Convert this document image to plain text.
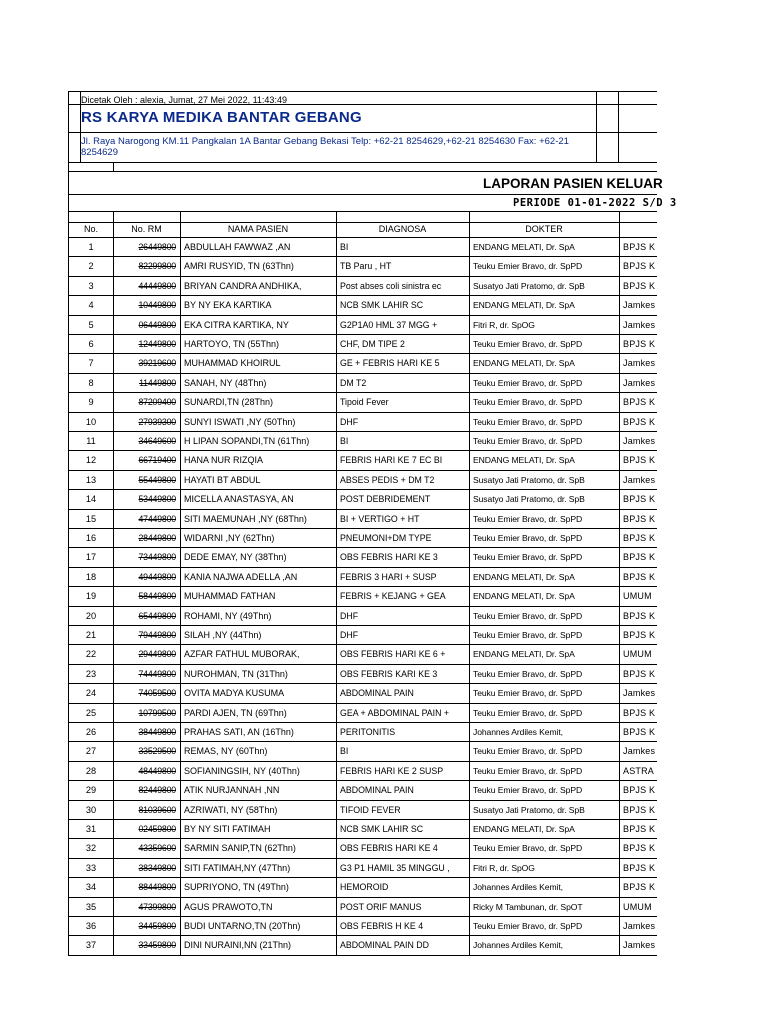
Dicetak Oleh : alexia, Jumat, 27 Mei 2022, 11:43:49
RS KARYA MEDIKA BANTAR GEBANG
Jl. Raya Narogong KM.11 Pangkalan 1A Bantar Gebang Bekasi Telp: +62-21 8254629,+62-21 8254630 Fax: +62-21 8254629
LAPORAN PASIEN KELUAR
PERIODE 01-01-2022 S/D 3
No.	No. RM	NAMA PASIEN	DIAGNOSA	DOKTER
1	26449800 ABDULLAH FAWWAZ ,AN	BI	ENDANG MELATI, Dr. SpA	BPJS K
2	82299800 AMRI RUSYID, TN (63Thn)	TB Paru , HT	Teuku Emier Bravo, dr. SpPD	BPJS K
3	44449800 BRIYAN CANDRA ANDHIKA,	Post abses coli sinistra ec	Susatyo Jati Pratomo, dr. SpB	BPJS K
4	10449800 BY NY EKA KARTIKA	NCB SMK LAHIR SC	ENDANG MELATI, Dr. SpA	Jamkes
5	06449800 EKA CITRA KARTIKA, NY	G2P1A0 HML 37 MGG +	Fitri R, dr. SpOG	Jamkes
6	12449800 HARTOYO, TN (55Thn)	CHF, DM TIPE 2	Teuku Emier Bravo, dr. SpPD	BPJS K
7	39219600 MUHAMMAD KHOIRUL	GE + FEBRIS HARI KE 5	ENDANG MELATI, Dr. SpA	Jamkes
8	11449800 SANAH, NY (48Thn)	DM T2	Teuku Emier Bravo, dr. SpPD	Jamkes
9	87209400 SUNARDI,TN (28Thn)	Tipoid Fever	Teuku Emier Bravo, dr. SpPD	BPJS K
10	27939300 SUNYI ISWATI ,NY (50Thn)	DHF	Teuku Emier Bravo, dr. SpPD	BPJS K
11	34649600 H LIPAN SOPANDI,TN (61Thn)	BI	Teuku Emier Bravo, dr. SpPD	Jamkes
12	66719400 HANA NUR RIZQIA	FEBRIS HARI KE 7 EC BI	ENDANG MELATI, Dr. SpA	BPJS K
13	55449800 HAYATI BT ABDUL	ABSES PEDIS + DM T2	Susatyo Jati Pratomo, dr. SpB	Jamkes
14	53449800 MICELLA ANASTASYA, AN	POST DEBRIDEMENT	Susatyo Jati Pratomo, dr. SpB	BPJS K
15	47449800 SITI MAEMUNAH ,NY (68Thn)	BI + VERTIGO + HT	Teuku Emier Bravo, dr. SpPD	BPJS K
16	28449800 WIDARNI ,NY (62Thn)	PNEUMONI+DM TYPE	Teuku Emier Bravo, dr. SpPD	BPJS K
17	73449800 DEDE EMAY, NY (38Thn)	OBS FEBRIS HARI KE 3	Teuku Emier Bravo, dr. SpPD	BPJS K
18	49449800 KANIA NAJWA ADELLA ,AN	FEBRIS 3 HARI + SUSP	ENDANG MELATI, Dr. SpA	BPJS K
19	58449800 MUHAMMAD FATHAN	FEBRIS + KEJANG + GEA	ENDANG MELATI, Dr. SpA	UMUM
20	65449800 ROHAMI, NY (49Thn)	DHF	Teuku Emier Bravo, dr. SpPD	BPJS K
21	79449800 SILAH ,NY (44Thn)	DHF	Teuku Emier Bravo, dr. SpPD	BPJS K
22	29449800 AZFAR FATHUL MUBORAK,	OBS FEBRIS HARI KE 6 +	ENDANG MELATI, Dr. SpA	UMUM
23	74449800 NUROHMAN, TN (31Thn)	OBS FEBRIS KARI KE 3	Teuku Emier Bravo, dr. SpPD	BPJS K
24	74059500 OVITA MADYA KUSUMA	ABDOMINAL PAIN	Teuku Emier Bravo, dr. SpPD	Jamkes
25	10799500 PARDI AJEN, TN (69Thn)	GEA + ABDOMINAL PAIN +	Teuku Emier Bravo, dr. SpPD	BPJS K
26	38449800 PRAHAS SATI, AN (16Thn)	PERITONITIS	Johannes Ardiles Kemit,	BPJS K
27	33529500 REMAS, NY (60Thn)	BI	Teuku Emier Bravo, dr. SpPD	Jamkes
28	48449800 SOFIANINGSIH, NY (40Thn)	FEBRIS HARI KE 2 SUSP	Teuku Emier Bravo, dr. SpPD	ASTRA
29	82449800 ATIK NURJANNAH ,NN	ABDOMINAL PAIN	Teuku Emier Bravo, dr. SpPD	BPJS K
30	81039600 AZRIWATI, NY (58Thn)	TIFOID FEVER	Susatyo Jati Pratomo, dr. SpB	BPJS K
31	02459800 BY NY SITI FATIMAH	NCB SMK LAHIR SC	ENDANG MELATI, Dr. SpA	BPJS K
32	43359600 SARMIN SANIP,TN (62Thn)	OBS FEBRIS HARI KE 4	Teuku Emier Bravo, dr. SpPD	BPJS K
33	38349800 SITI FATIMAH,NY (47Thn)	G3 P1 HAMIL 35 MINGGU ,	Fitri R, dr. SpOG	BPJS K
34	88449800 SUPRIYONO, TN (49Thn)	HEMOROID	Johannes Ardiles Kemit,	BPJS K
35	47399800 AGUS PRAWOTO,TN	POST ORIF MANUS	Ricky M Tambunan, dr. SpOT	UMUM
36	34459800 BUDI UNTARNO,TN (20Thn)	OBS FEBRIS H KE 4	Teuku Emier Bravo, dr. SpPD	Jamkes
37	33459800 DINI NURAINI,NN (21Thn)	ABDOMINAL PAIN DD	Johannes Ardiles Kemit,	Jamkes
